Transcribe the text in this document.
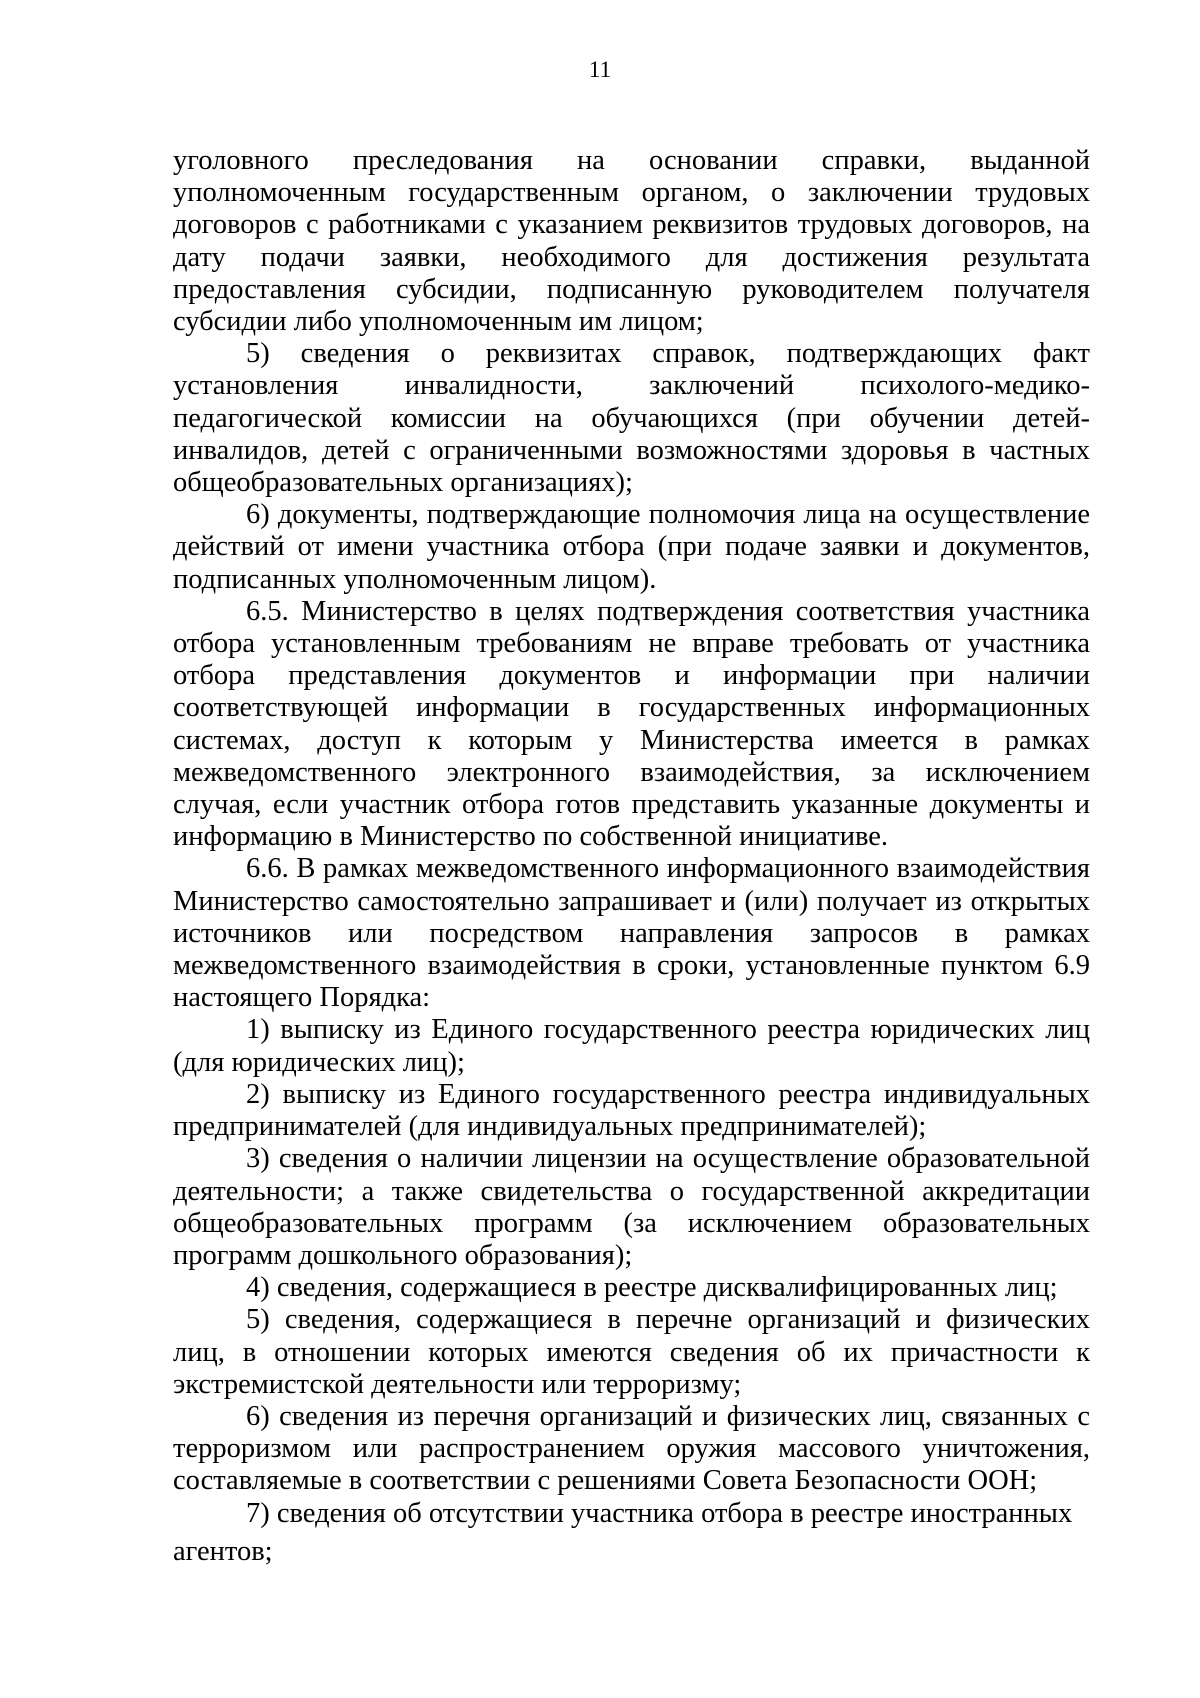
11

уголовного преследования на основании справки, выданной уполномоченным государственным органом, о заключении трудовых договоров с работниками с указанием реквизитов трудовых договоров, на дату подачи заявки, необходимого для достижения результата предоставления субсидии, подписанную руководителем получателя субсидии либо уполномоченным им лицом;

5) сведения о реквизитах справок, подтверждающих факт установления инвалидности, заключений психолого-медико-педагогической комиссии на обучающихся (при обучении детей-инвалидов, детей с ограниченными возможностями здоровья в частных общеобразовательных организациях);

6) документы, подтверждающие полномочия лица на осуществление действий от имени участника отбора (при подаче заявки и документов, подписанных уполномоченным лицом).

6.5. Министерство в целях подтверждения соответствия участника отбора установленным требованиям не вправе требовать от участника отбора представления документов и информации при наличии соответствующей информации в государственных информационных системах, доступ к которым у Министерства имеется в рамках межведомственного электронного взаимодействия, за исключением случая, если участник отбора готов представить указанные документы и информацию в Министерство по собственной инициативе.

6.6. В рамках межведомственного информационного взаимодействия Министерство самостоятельно запрашивает и (или) получает из открытых источников или посредством направления запросов в рамках межведомственного взаимодействия в сроки, установленные пунктом 6.9 настоящего Порядка:

1) выписку из Единого государственного реестра юридических лиц (для юридических лиц);

2) выписку из Единого государственного реестра индивидуальных предпринимателей (для индивидуальных предпринимателей);

3) сведения о наличии лицензии на осуществление образовательной деятельности; а также свидетельства о государственной аккредитации общеобразовательных программ (за исключением образовательных программ дошкольного образования);

4) сведения, содержащиеся в реестре дисквалифицированных лиц;

5) сведения, содержащиеся в перечне организаций и физических лиц, в отношении которых имеются сведения об их причастности к экстремистской деятельности или терроризму;

6) сведения из перечня организаций и физических лиц, связанных с терроризмом или распространением оружия массового уничтожения, составляемые в соответствии с решениями Совета Безопасности ООН;

7) сведения об отсутствии участника отбора в реестре иностранных

агентов;
